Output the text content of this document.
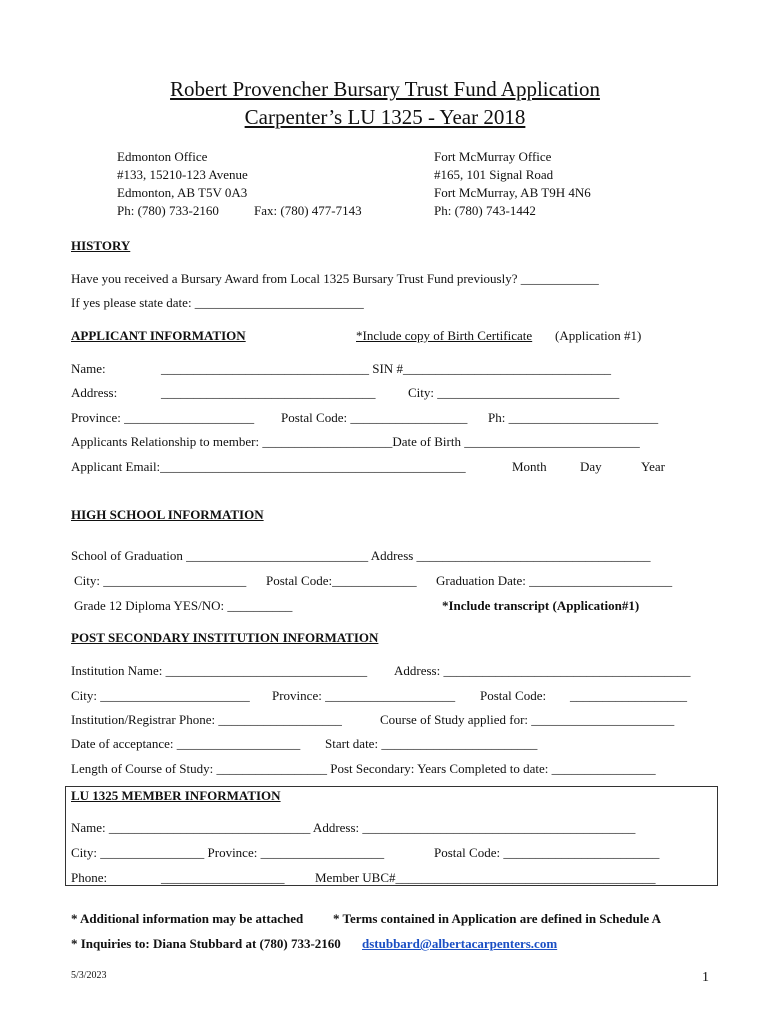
Robert Provencher Bursary Trust Fund Application
Carpenter’s LU 1325 - Year 2018
Edmonton Office
#133, 15210-123 Avenue
Edmonton, AB T5V 0A3
Ph: (780) 733-2160	Fax: (780) 477-7143
Fort McMurray Office
#165, 101 Signal Road
Fort McMurray, AB T9H 4N6
Ph: (780) 743-1442
HISTORY
Have you received a Bursary Award from Local 1325 Bursary Trust Fund previously? ____________
If yes please state date: __________________________
APPLICANT INFORMATION	*Include copy of Birth Certificate (Application #1)
Name:	________________________________ SIN #________________________________
Address:	_________________________________	City: ____________________________
Province: ____________________ Postal Code: __________________ Ph: _______________________
Applicants Relationship to member: ____________________Date of Birth ___________________________
Applicant Email:_______________________________________________	Month	Day	Year
HIGH SCHOOL INFORMATION
School of Graduation ____________________________ Address ____________________________________
City: ______________________ Postal Code:_____________ Graduation Date: ______________________
Grade 12 Diploma YES/NO: __________	*Include transcript (Application#1)
POST SECONDARY INSTITUTION INFORMATION
Institution Name: _______________________________ Address: ______________________________________
City: _______________________ Province: ____________________ Postal Code: __________________
Institution/Registrar Phone: ___________________	Course of Study applied for: ______________________
Date of acceptance: ___________________ Start date: ________________________
Length of Course of Study: _________________ Post Secondary: Years Completed to date: ________________
LU 1325 MEMBER INFORMATION
Name: _______________________________ Address: __________________________________________
City: ________________ Province: ___________________	Postal Code: ________________________
Phone:	___________________ Member UBC#________________________________________
* Additional information may be attached * Terms contained in Application are defined in Schedule A
* Inquiries to: Diana Stubbard at (780) 733-2160 dstubbard@albertacarpenters.com
5/3/2023	1
